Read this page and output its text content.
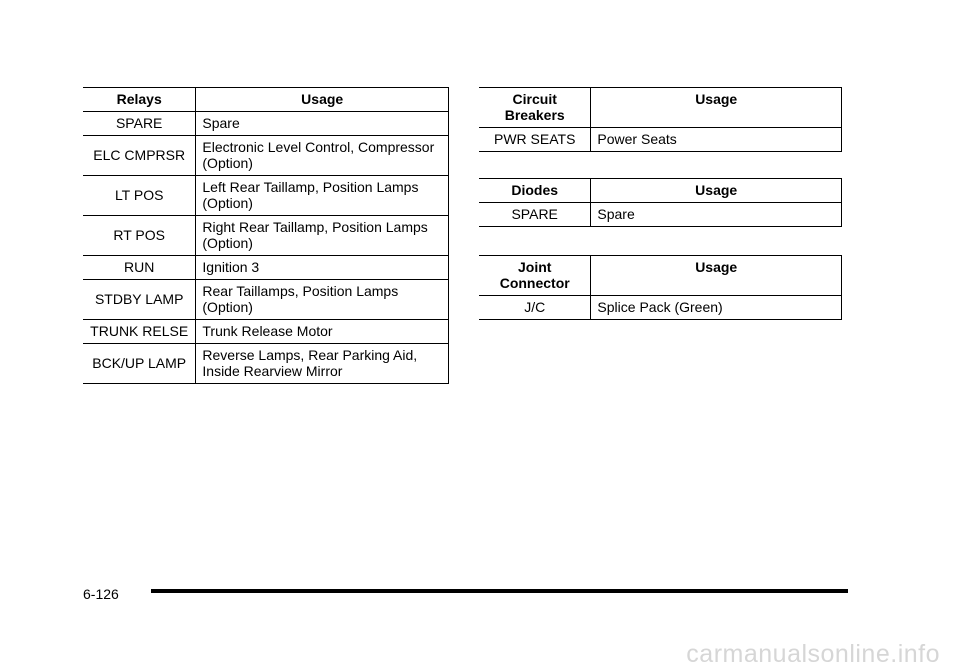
Relays	Usage
SPARE	Spare
ELC CMPRSR	Electronic Level Control, Compressor (Option)
LT POS	Left Rear Taillamp, Position Lamps (Option)
RT POS	Right Rear Taillamp, Position Lamps (Option)
RUN	Ignition 3
STDBY LAMP	Rear Taillamps, Position Lamps (Option)
TRUNK RELSE	Trunk Release Motor
BCK/UP LAMP	Reverse Lamps, Rear Parking Aid, Inside Rearview Mirror
Circuit Breakers	Usage
PWR SEATS	Power Seats
Diodes	Usage
SPARE	Spare
Joint Connector	Usage
J/C	Splice Pack (Green)
6-126
carmanualsonline.info
